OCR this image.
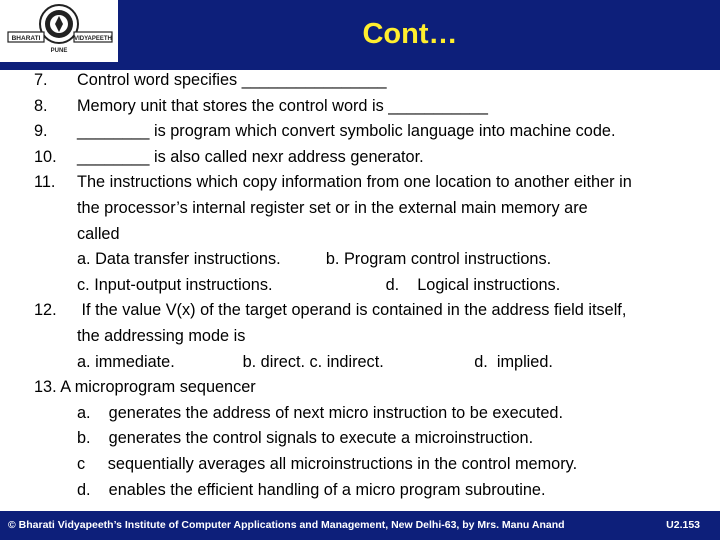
BHARATI	VIDYAPEETH
PUNE
Cont…
7. Control word specifies ________________
8. Memory unit that stores the control word is ___________
9. ________ is program which convert symbolic language into machine code.
10. ________ is also called nexr address generator.
11. The instructions which copy information from one location to another either in
the processor’s internal register set or in the external main memory are
called
a. Data transfer instructions.          b. Program control instructions.
c. Input-output instructions.                         d.    Logical instructions.
12. If the value V(x) of the target operand is contained in the address field itself,
the addressing mode is
a. immediate.               b. direct. c. indirect.                    d.  implied.
13. A microprogram sequencer
a.    generates the address of next micro instruction to be executed.
b.    generates the control signals to execute a microinstruction.
c     sequentially averages all microinstructions in the control memory.
d.    enables the efficient handling of a micro program subroutine.
© Bharati Vidyapeeth’s Institute of Computer Applications and Management, New Delhi-63, by Mrs. Manu Anand	U2.153
